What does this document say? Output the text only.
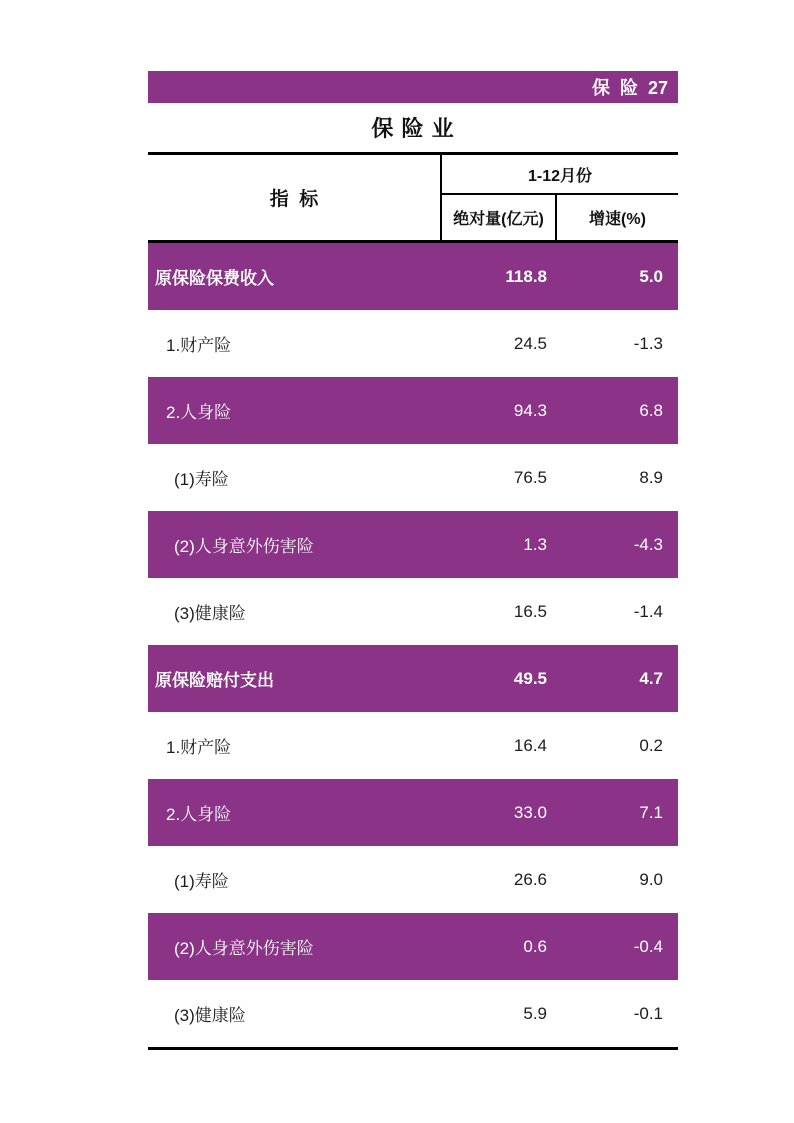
保  险  27
保 险 业
指  标
1-12月份
绝对量(亿元)	增速(%)
原保险保费收入	118.8	5.0
1.财产险	24.5	-1.3
2.人身险	94.3	6.8
(1)寿险	76.5	8.9
(2)人身意外伤害险	1.3	-4.3
(3)健康险	16.5	-1.4
原保险赔付支出	49.5	4.7
1.财产险	16.4	0.2
2.人身险	33.0	7.1
(1)寿险	26.6	9.0
(2)人身意外伤害险	0.6	-0.4
(3)健康险	5.9	-0.1
